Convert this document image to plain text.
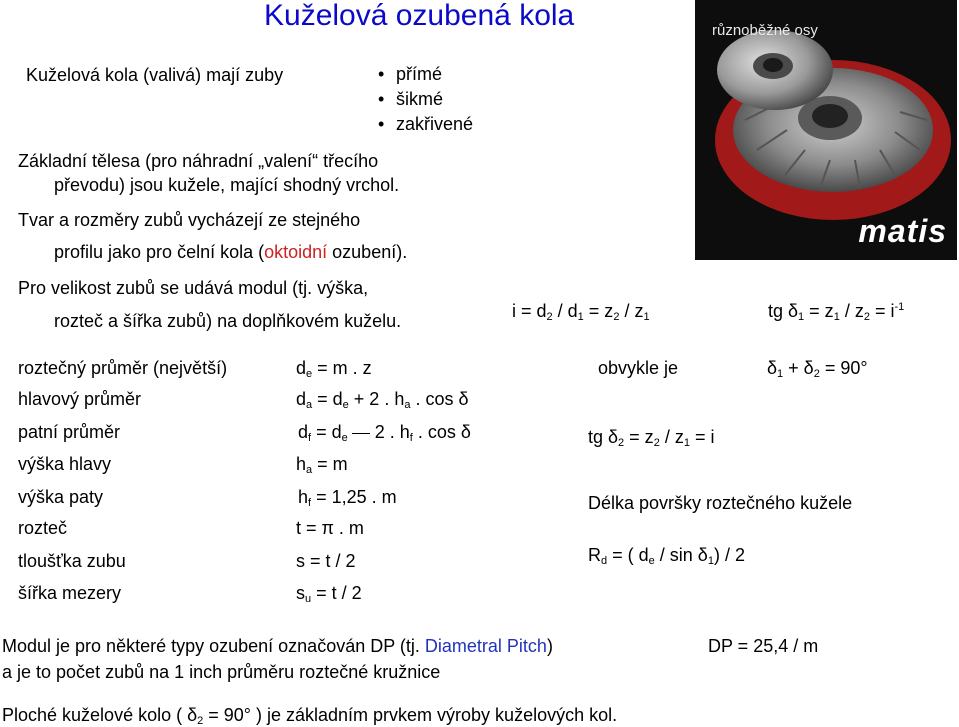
Kuželová ozubená kola
Kuželová kola (valivá) mají zuby
•	přímé
• šikmé
• zakřivené
Základní tělesa (pro náhradní „valení“ třecího
převodu) jsou kužele, mající shodný vrchol.
Tvar a rozměry zubů vycházejí ze stejného
profilu jako pro čelní kola (oktoidní ozubení).
Pro velikost zubů se udává modul (tj. výška,
rozteč a šířka zubů) na doplňkovém kuželu.
různoběžné osy
matis
$i = d_2 / d_1 = z_2 / z_1$	tg $\delta_1 = z_1 / z_2 = i^{-1}$
roztečný průměr (největší)
hlavový průměr
patní průměr
výška hlavy
výška paty
rozteč
tloušťka zubu
šířka mezery
$d_e = m$ . z
$d_a = d_e + 2$ . $h_a$ . cos δ
$d_f = d_e$ 2 . $h_f$ . cos δ
$h_a = m$
$h_f = 1,25$ . m
t = π . m
s = t / 2
$s_u = t / 2$
obvykle je	$\delta_1 + \delta_2 = 90^\circ$
tg $\delta_2 = z_2 / z_1 = i$
Délka površky roztečného kužele
$R_d$ = ( $d_e$ / $\sin \delta_1) / 2$
Modul je pro některé typy ozubení označován DP (tj. Diametral Pitch)	DP = 25,4 / m
a je to počet zubů na 1 inch průměru roztečné kružnice
Ploché kuželové kolo ( $\delta_2 = 90^\circ$ ) je základním prvkem výroby kuželových kol.
